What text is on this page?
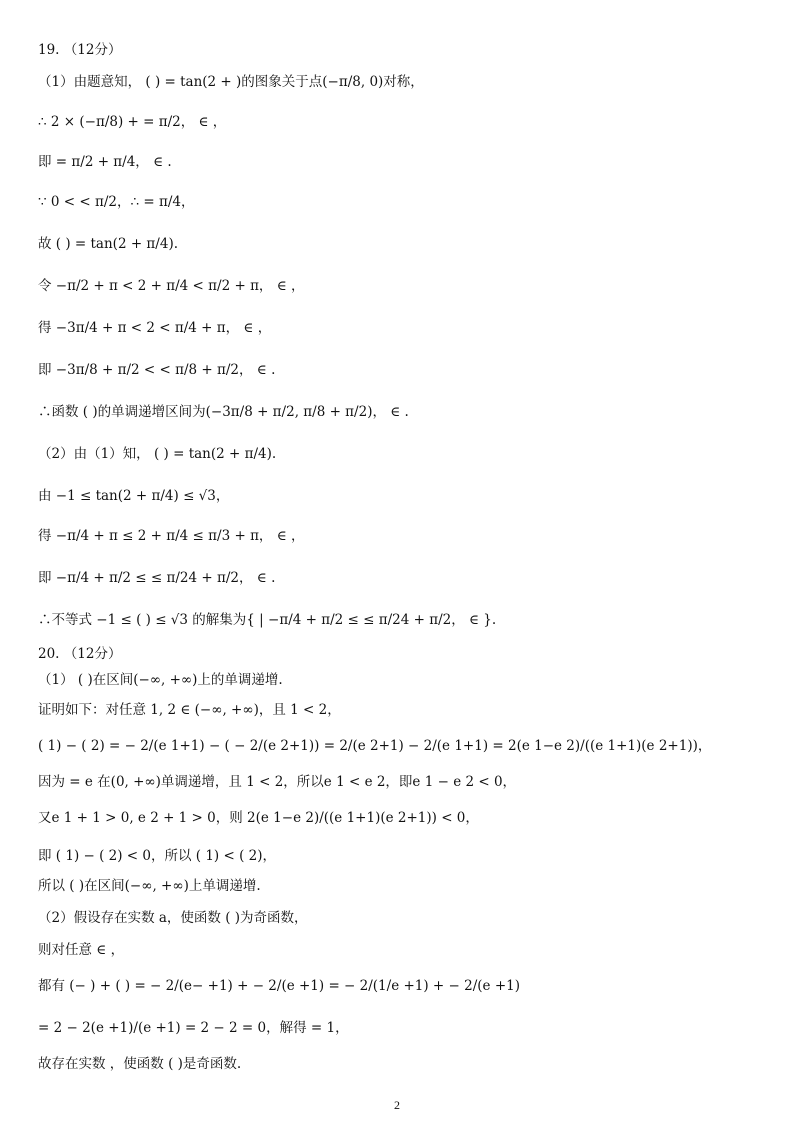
19. （12分）
（1）由题意知， ( ) = tan(2 + )的图象关于点(−π/8, 0)对称，
∴ 2 × (−π/8) + = π/2， ∈ ，
即 = π/2 + π/4， ∈ .
∵ 0 < < π/2，∴ = π/4，
故 ( ) = tan(2 + π/4).
令 −π/2 + π < 2 + π/4 < π/2 + π， ∈ ，
得 −3π/4 + π < 2 < π/4 + π， ∈ ，
即 −3π/8 + π/2 < < π/8 + π/2， ∈ .
∴函数 ( )的单调递增区间为(−3π/8 + π/2, π/8 + π/2)， ∈ .
（2）由（1）知， ( ) = tan(2 + π/4).
由 −1 ≤ tan(2 + π/4) ≤ √3，
得 −π/4 + π ≤ 2 + π/4 ≤ π/3 + π， ∈ ，
即 −π/4 + π/2 ≤ ≤ π/24 + π/2， ∈ .
∴不等式 −1 ≤ ( ) ≤ √3 的解集为{ | −π/4 + π/2 ≤ ≤ π/24 + π/2， ∈ }.
20. （12分）
（1） ( )在区间(−∞, +∞)上的单调递增.
证明如下：对任意 1, 2 ∈ (−∞, +∞)，且 1 < 2，
( 1) − ( 2) = − 2/(e 1+1) − ( − 2/(e 2+1)) = 2/(e 2+1) − 2/(e 1+1) = 2(e 1−e 2)/((e 1+1)(e 2+1))，
因为 = e 在(0, +∞)单调递增，且 1 < 2，所以e 1 < e 2，即e 1 − e 2 < 0，
又e 1 + 1 > 0, e 2 + 1 > 0，则 2(e 1−e 2)/((e 1+1)(e 2+1)) < 0，
即 ( 1) − ( 2) < 0，所以 ( 1) < ( 2)，
所以 ( )在区间(−∞, +∞)上单调递增.
（2）假设存在实数 a，使函数 ( )为奇函数，
则对任意 ∈ ，
都有 (− ) + ( ) = − 2/(e− +1) + − 2/(e +1) = − 2/(1/e +1) + − 2/(e +1)
= 2 − 2(e +1)/(e +1) = 2 − 2 = 0，解得 = 1，
故存在实数 ，使函数 ( )是奇函数.
2
